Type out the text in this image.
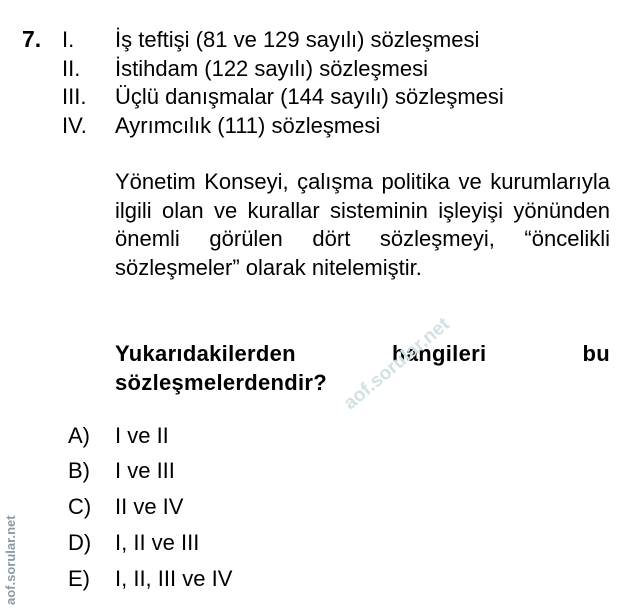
7. I. İş teftişi (81 ve 129 sayılı) sözleşmesi
II. İstihdam (122 sayılı) sözleşmesi
III. Üçlü danışmalar (144 sayılı) sözleşmesi
IV. Ayrımcılık (111) sözleşmesi
Yönetim Konseyi, çalışma politika ve kurumlarıyla ilgili olan ve kurallar sisteminin işleyişi yönünden önemli görülen dört sözleşmeyi, “öncelikli sözleşmeler” olarak nitelemiştir.
Yukarıdakilerden hangileri bu sözleşmelerdendir?
A) I ve II
B) I ve III
C) II ve IV
D) I, II ve III
E) I, II, III ve IV
aof.sorular.net
aof.sorular.net
